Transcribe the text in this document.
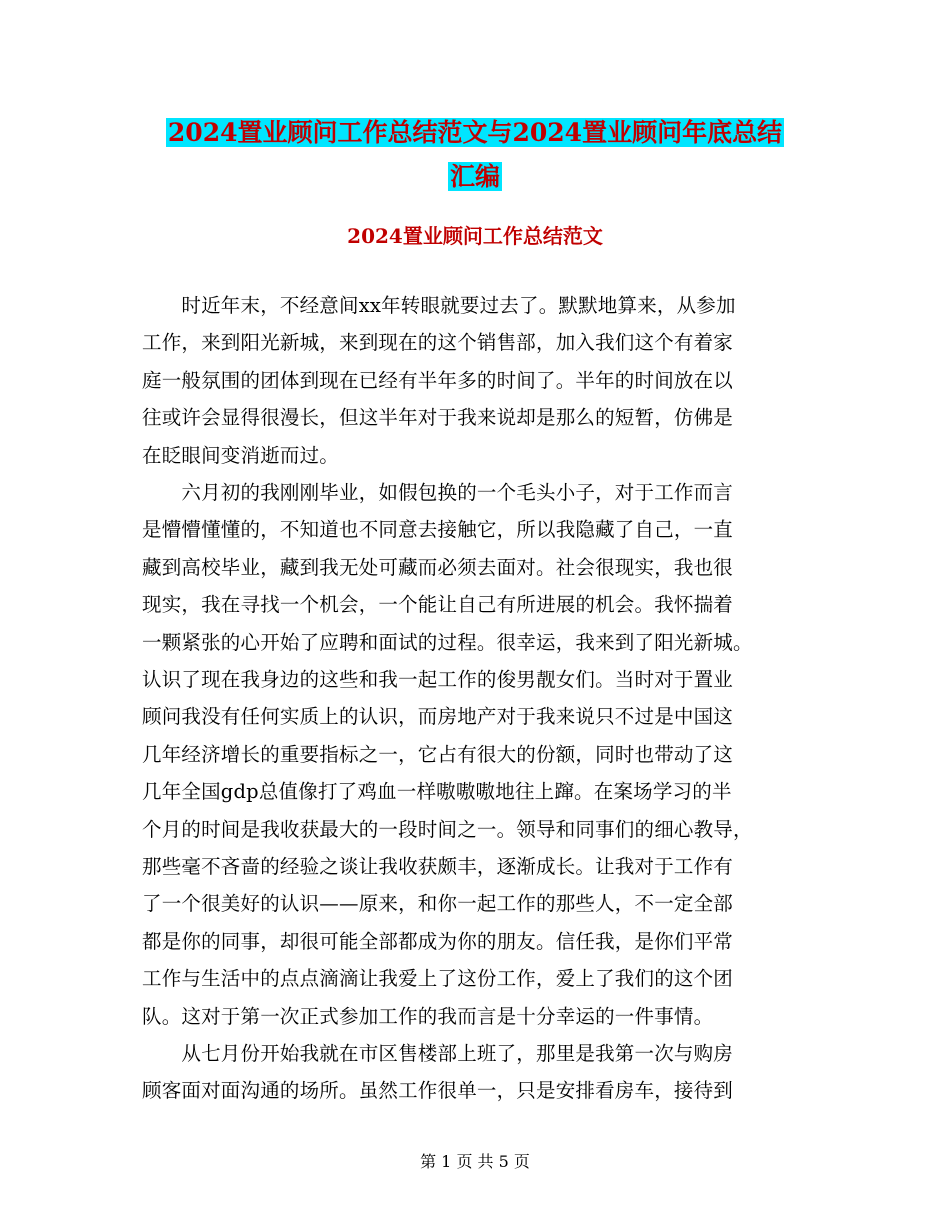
2024置业顾问工作总结范文与2024置业顾问年底总结
汇编
2024置业顾问工作总结范文
　　时近年末，不经意间xx年转眼就要过去了。默默地算来，从参加
工作，来到阳光新城，来到现在的这个销售部，加入我们这个有着家
庭一般氛围的团体到现在已经有半年多的时间了。半年的时间放在以
往或许会显得很漫长，但这半年对于我来说却是那么的短暂，仿佛是
在眨眼间变消逝而过。
　　六月初的我刚刚毕业，如假包换的一个毛头小子，对于工作而言
是懵懵懂懂的，不知道也不同意去接触它，所以我隐藏了自己，一直
藏到高校毕业，藏到我无处可藏而必须去面对。社会很现实，我也很
现实，我在寻找一个机会，一个能让自己有所进展的机会。我怀揣着
一颗紧张的心开始了应聘和面试的过程。很幸运，我来到了阳光新城。
认识了现在我身边的这些和我一起工作的俊男靓女们。当时对于置业
顾问我没有任何实质上的认识，而房地产对于我来说只不过是中国这
几年经济增长的重要指标之一，它占有很大的份额，同时也带动了这
几年全国gdp总值像打了鸡血一样嗷嗷嗷地往上蹿。在案场学习的半
个月的时间是我收获最大的一段时间之一。领导和同事们的细心教导，
那些毫不吝啬的经验之谈让我收获颇丰，逐渐成长。让我对于工作有
了一个很美好的认识——原来，和你一起工作的那些人，不一定全部
都是你的同事，却很可能全部都成为你的朋友。信任我，是你们平常
工作与生活中的点点滴滴让我爱上了这份工作，爱上了我们的这个团
队。这对于第一次正式参加工作的我而言是十分幸运的一件事情。
　　从七月份开始我就在市区售楼部上班了，那里是我第一次与购房
顾客面对面沟通的场所。虽然工作很单一，只是安排看房车，接待到
第 1 页 共 5 页
